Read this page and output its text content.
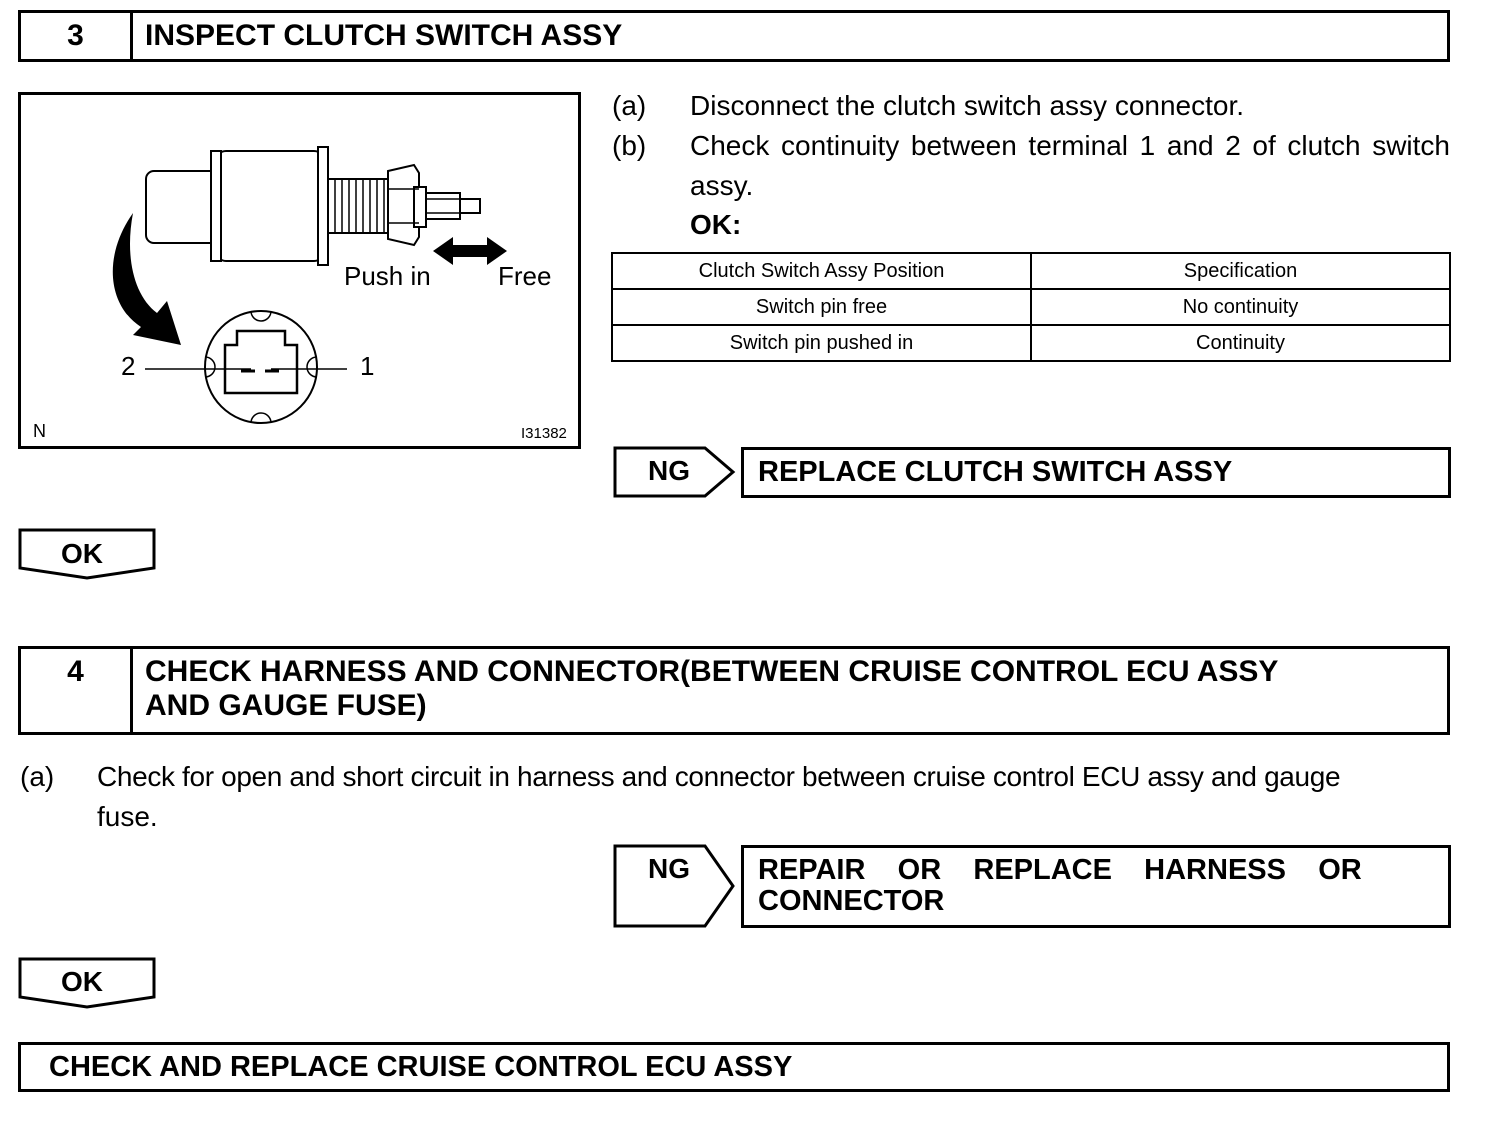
3	INSPECT CLUTCH SWITCH ASSY
Push in	Free
2	1
N	I31382
(a) Disconnect the clutch switch assy connector.
(b) Check continuity between terminal 1 and 2 of clutch switch assy.
OK:
Clutch Switch Assy Position	Specification
Switch pin free	No continuity
Switch pin pushed in	Continuity
NG	REPLACE CLUTCH SWITCH ASSY
OK
4	CHECK HARNESS AND CONNECTOR(BETWEEN CRUISE CONTROL ECU ASSY
AND GAUGE FUSE)
(a) Check for open and short circuit in harness and connector between cruise control ECU assy and gauge
fuse.
NG REPAIR    OR    REPLACE    HARNESS    OR
CONNECTOR
OK
CHECK AND REPLACE CRUISE CONTROL ECU ASSY
